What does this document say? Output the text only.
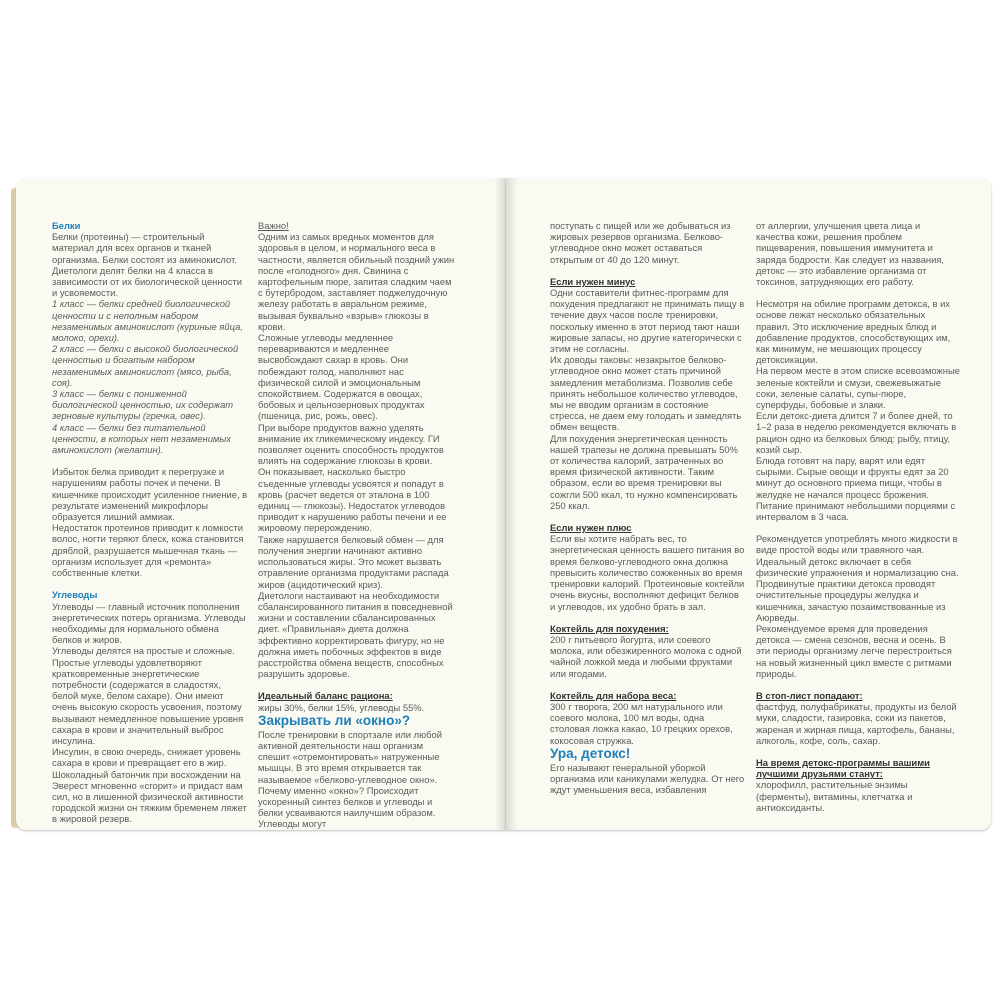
Белки

Белки (протеины) — строительный материал для всех органов и тканей организма. Белки состоят из аминокислот.

Диетологи делят белки на 4 класса в зависимости от их биологической ценности и усвояемости.

1 класс — белки средней биологической ценности и с неполным набором незаменимых аминокислот (куриные яйца, молоко, орехи).

2 класс — белки с высокой биологической ценностью и богатым набором незаменимых аминокислот (мясо, рыба, соя).

3 класс — белки с пониженной биологической ценностью, их содержат зерновые культуры (гречка, овес).

4 класс — белки без питательной ценности, в которых нет незаменимых аминокислот (желатин).

Избыток белка приводит к перегрузке и нарушениям работы почек и печени. В кишечнике происходит усиленное гниение, в результате изменений микрофлоры образуется лишний аммиак.

Недостаток протеинов приводит к ломкости волос, ногти теряют блеск, кожа становится дряблой, разрушается мышечная ткань — организм использует для «ремонта» собственные клетки.

Углеводы

Углеводы — главный источник пополнения энергетических потерь организма. Углеводы необходимы для нормального обмена белков и жиров.

Углеводы делятся на простые и сложные.

Простые углеводы удовлетворяют кратковременные энергетические потребности (содержатся в сладостях, белой муке, белом сахаре). Они имеют очень высокую скорость усвоения, поэтому вызывают немедленное повышение уровня сахара в крови и значительный выброс инсулина.

Инсулин, в свою очередь, снижает уровень сахара в крови и превращает его в жир. Шоколадный батончик при восхождении на Эверест мгновенно «сгорит» и придаст вам сил, но в лишенной физической активности городской жизни он тяжким бременем ляжет в жировой резерв.

Важно!

Одним из самых вредных моментов для здоровья в целом, и нормального веса в частности, является обильный поздний ужин после «голодного» дня. Свинина с картофельным пюре, запитая сладким чаем с бутербродом, заставляет поджелудочную железу работать в авральном режиме, вызывая буквально «взрыв» глюкозы в крови.

Сложные углеводы медленнее перевариваются и медленнее высвобождают сахар в кровь. Они побеждают голод, наполняют нас физической силой и эмоциональным спокойствием. Содержатся в овощах, бобовых и цельнозерновых продуктах (пшеница, рис, рожь, овес).

При выборе продуктов важно уделять внимание их гликемическому индексу. ГИ позволяет оценить способность продуктов влиять на содержание глюкозы в крови.

Он показывает, насколько быстро съеденные углеводы усвоятся и попадут в кровь (расчет ведется от эталона в 100 единиц — глюкозы). Недостаток углеводов приводит к нарушению работы печени и ее жировому перерождению.

Также нарушается белковый обмен — для получения энергии начинают активно использоваться жиры. Это может вызвать отравление организма продуктами распада жиров (ацидотический криз).

Диетологи настаивают на необходимости сбалансированного питания в повседневной жизни и составлении сбалансированных диет. «Правильная» диета должна эффективно корректировать фигуру, но не должна иметь побочных эффектов в виде расстройства обмена веществ, способных разрушить здоровье.

Идеальный баланс рациона:

жиры 30%, белки 15%, углеводы 55%.

Закрывать ли «окно»?

После тренировки в спортзале или любой активной деятельности наш организм спешит «отремонтировать» натруженные мышцы. В это время открывается так называемое «белково-углеводное окно». Почему именно «окно»? Происходит ускоренный синтез белков и углеводы и белки усваиваются наилучшим образом. Углеводы могут

поступать с пищей или же добываться из жировых резервов организма. Белково-углеводное окно может оставаться открытым от 40 до 120 минут.

Если нужен минус

Одни составители фитнес-программ для похудения предлагают не принимать пищу в течение двух часов после тренировки, поскольку именно в этот период тают наши жировые запасы, но другие категорически с этим не согласны.

Их доводы таковы: незакрытое белково-углеводное окно может стать причиной замедления метаболизма. Позволив себе принять небольшое количество углеводов, мы не вводим организм в состояние стресса, не даем ему голодать и замедлять обмен веществ.

Для похудения энергетическая ценность нашей трапезы не должна превышать 50% от количества калорий, затраченных во время физической активности. Таким образом, если во время тренировки вы сожгли 500 ккал, то нужно компенсировать 250 ккал.

Если нужен плюс

Если вы хотите набрать вес, то энергетическая ценность вашего питания во время белково-углеводного окна должна превысить количество сожженных во время тренировки калорий. Протеиновые коктейли очень вкусны, восполняют дефицит белков и углеводов, их удобно брать в зал.

Коктейль для похудения:

200 г питьевого йогурта, или соевого молока, или обезжиренного молока с одной чайной ложкой меда и любыми фруктами или ягодами.

Коктейль для набора веса:

300 г творога, 200 мл натурального или соевого молока, 100 мл воды, одна столовая ложка какао, 10 грецких орехов, кокосовая стружка.

Ура, детокс!

Его называют генеральной уборкой организма или каникулами желудка. От него ждут уменьшения веса, избавления

от аллергии, улучшения цвета лица и качества кожи, решения проблем пищеварения, повышения иммунитета и заряда бодрости. Как следует из названия, детокс — это избавление организма от токсинов, затрудняющих его работу.

Несмотря на обилие программ детокса, в их основе лежат несколько обязательных правил. Это исключение вредных блюд и добавление продуктов, способствующих им, как минимум, не мешающих процессу детоксикации.

На первом месте в этом списке всевозможные зеленые коктейли и смузи, свежевыжатые соки, зеленые салаты, супы-пюре, суперфуды, бобовые и злаки.

Если детокс-диета длится 7 и более дней, то 1–2 раза в неделю рекомендуется включать в рацион одно из белковых блюд: рыбу, птицу, козий сыр.

Блюда готовят на пару, варят или едят сырыми. Сырые овощи и фрукты едят за 20 минут до основного приема пищи, чтобы в желудке не начался процесс брожения.

Питание принимают небольшими порциями с интервалом в 3 часа.

Рекомендуется употреблять много жидкости в виде простой воды или травяного чая. Идеальный детокс включает в себя физические упражнения и нормализацию сна. Продвинутые практики детокса проводят очистительные процедуры желудка и кишечника, зачастую позаимствованные из Аюрведы.

Рекомендуемое время для проведения детокса — смена сезонов, весна и осень. В эти периоды организму легче перестроиться на новый жизненный цикл вместе с ритмами природы.

В стоп-лист попадают:

фастфуд, полуфабрикаты, продукты из белой муки, сладости, газировка, соки из пакетов, жареная и жирная пища, картофель, бананы, алкоголь, кофе, соль, сахар.

На время детокс-программы вашими лучшими друзьями станут:

хлорофилл, растительные энзимы (ферменты), витамины, клетчатка и антиоксиданты.
